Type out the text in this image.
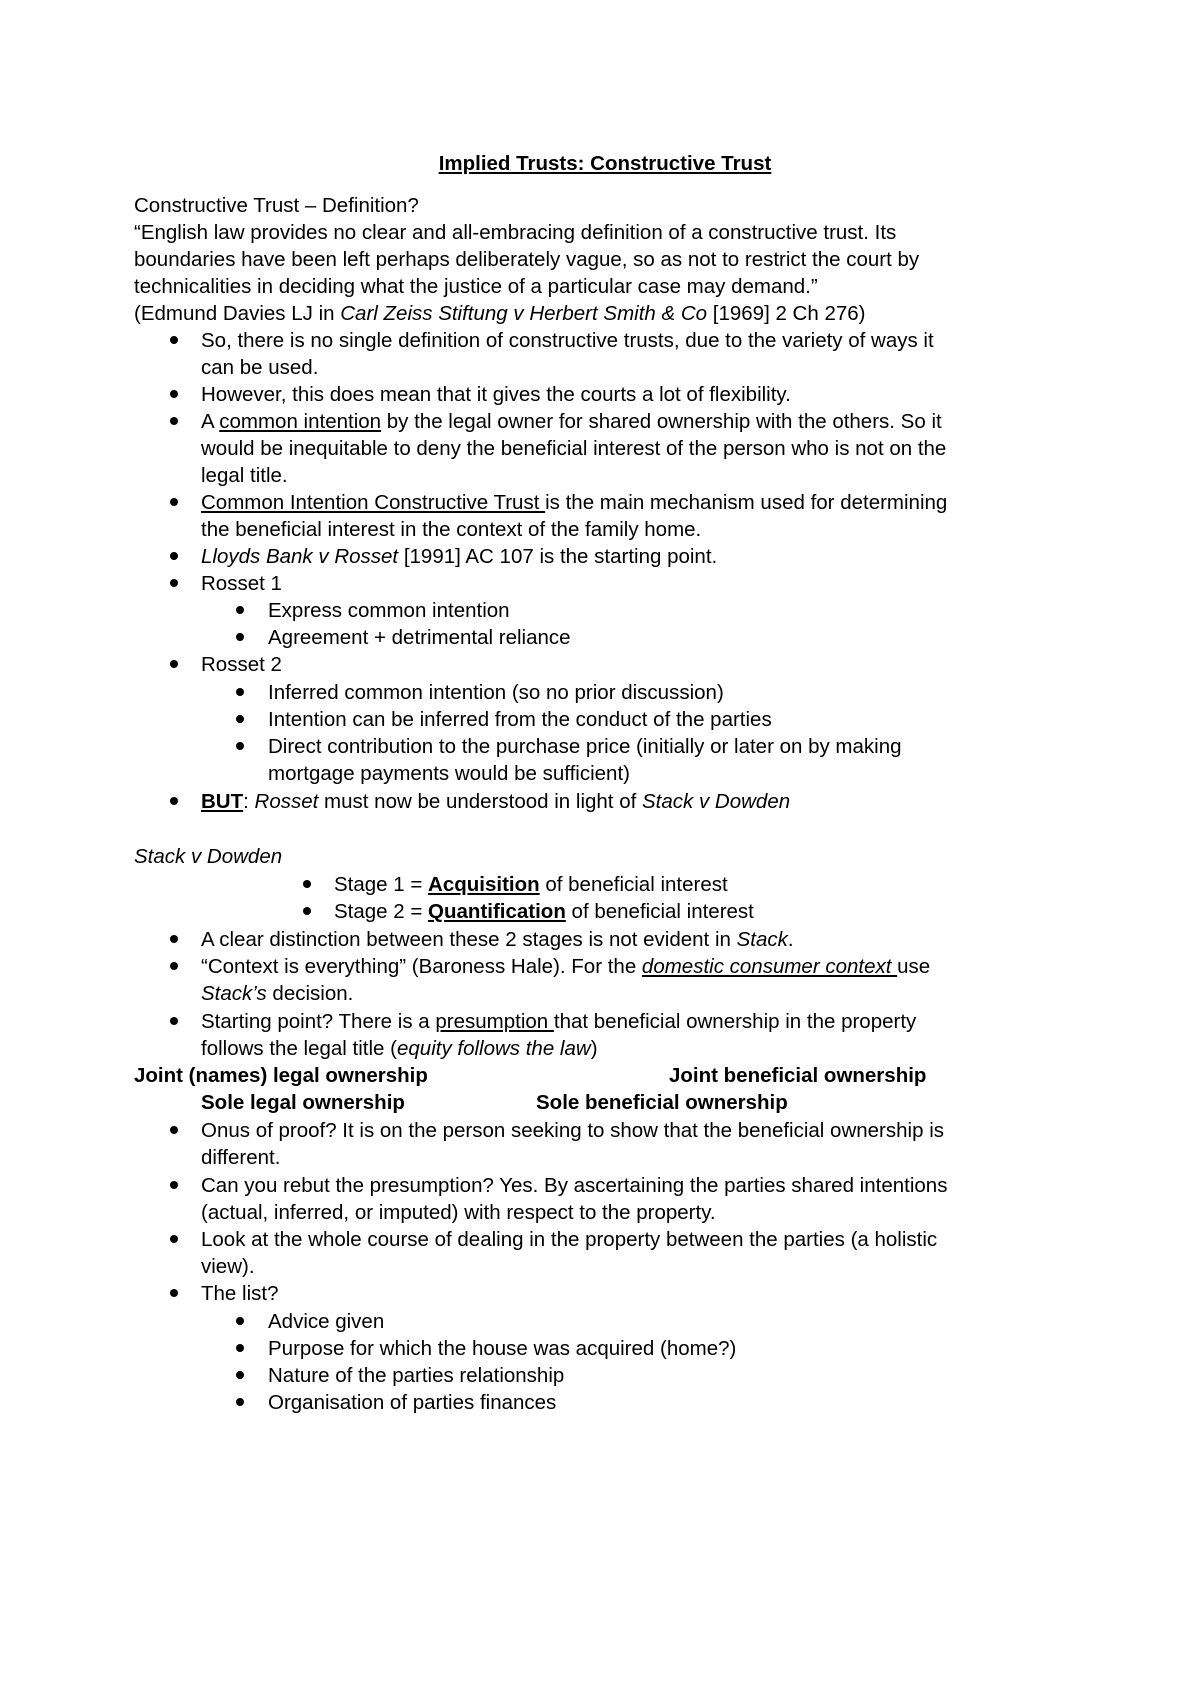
Implied Trusts: Constructive Trust
Constructive Trust – Definition?
“English law provides no clear and all-embracing definition of a constructive trust. Its
boundaries have been left perhaps deliberately vague, so as not to restrict the court by
technicalities in deciding what the justice of a particular case may demand.”
(Edmund Davies LJ in Carl Zeiss Stiftung v Herbert Smith & Co [1969] 2 Ch 276)
So, there is no single definition of constructive trusts, due to the variety of ways it
can be used.
However, this does mean that it gives the courts a lot of flexibility.
A common intention by the legal owner for shared ownership with the others. So it
would be inequitable to deny the beneficial interest of the person who is not on the
legal title.
Common Intention Constructive Trust is the main mechanism used for determining
the beneficial interest in the context of the family home.
Lloyds Bank v Rosset [1991] AC 107 is the starting point.
Rosset 1
Express common intention
Agreement + detrimental reliance
Rosset 2
Inferred common intention (so no prior discussion)
Intention can be inferred from the conduct of the parties
Direct contribution to the purchase price (initially or later on by making
mortgage payments would be sufficient)
BUT: Rosset must now be understood in light of Stack v Dowden
Stack v Dowden
Stage 1 = Acquisition of beneficial interest
Stage 2 = Quantification of beneficial interest
A clear distinction between these 2 stages is not evident in Stack.
“Context is everything” (Baroness Hale). For the domestic consumer context use
Stack’s decision.
Starting point? There is a presumption that beneficial ownership in the property
follows the legal title (equity follows the law)
Joint (names) legal ownership	Joint beneficial ownership
Sole legal ownership	Sole beneficial ownership
Onus of proof? It is on the person seeking to show that the beneficial ownership is
different.
Can you rebut the presumption? Yes. By ascertaining the parties shared intentions
(actual, inferred, or imputed) with respect to the property.
Look at the whole course of dealing in the property between the parties (a holistic
view).
The list?
Advice given
Purpose for which the house was acquired (home?)
Nature of the parties relationship
Organisation of parties finances
